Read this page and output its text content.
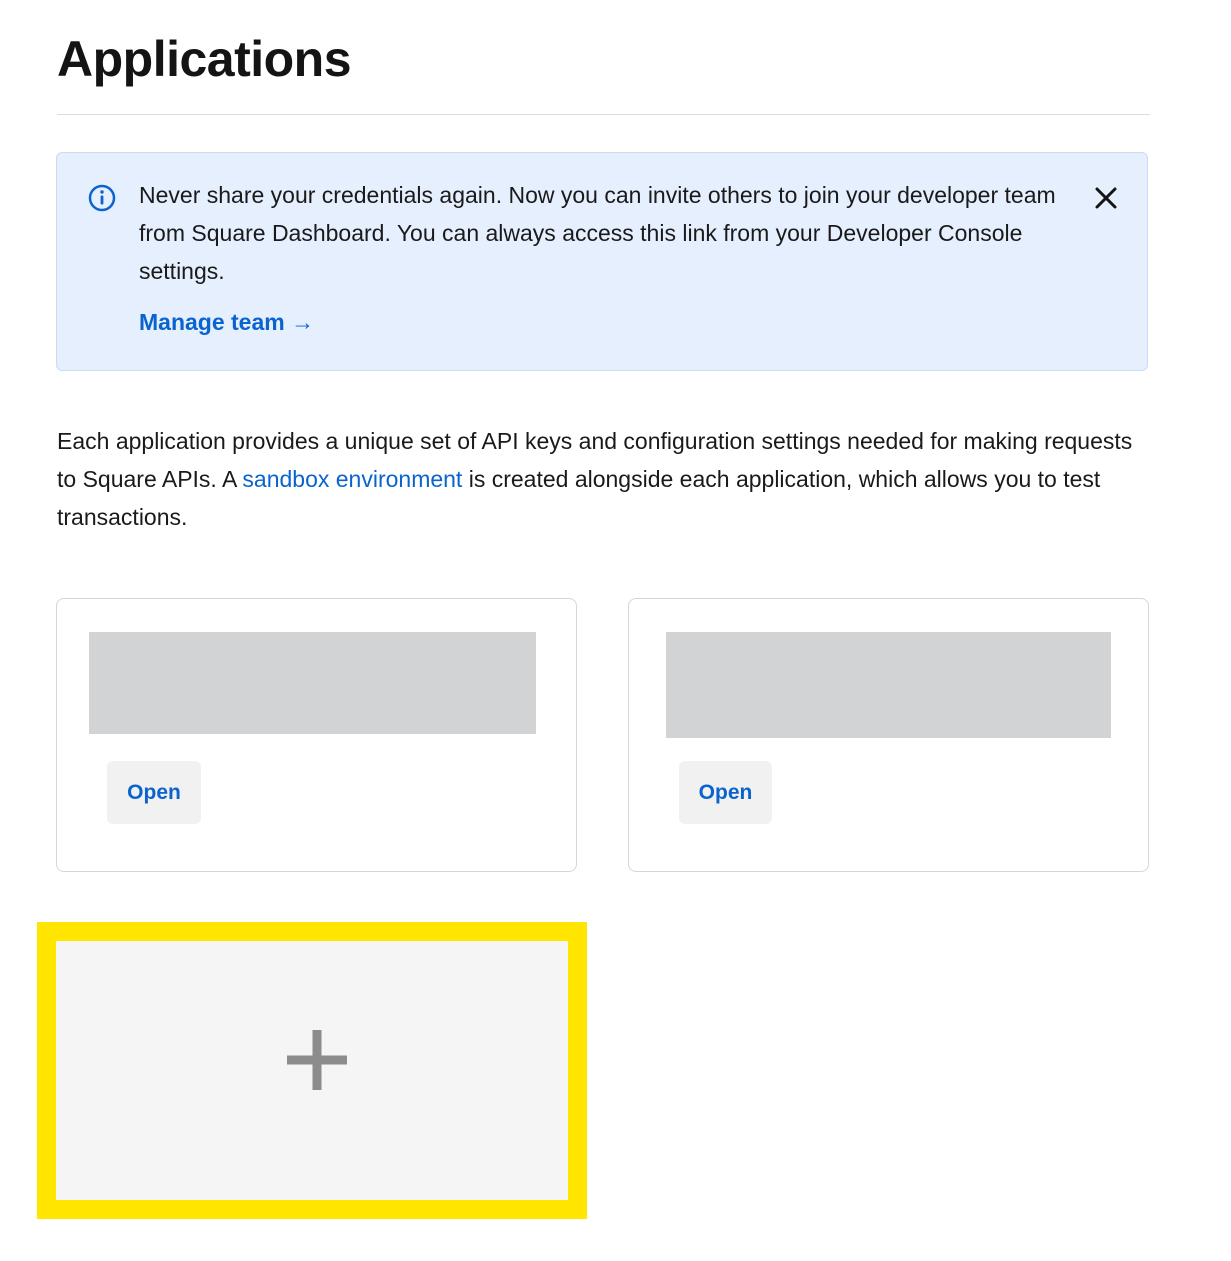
Applications

Never share your credentials again. Now you can invite others to join your developer team from Square Dashboard. You can always access this link from your Developer Console settings.

Manage team →

Each application provides a unique set of API keys and configuration settings needed for making requests to Square APIs. A sandbox environment is created alongside each application, which allows you to test transactions.

Open	Open
